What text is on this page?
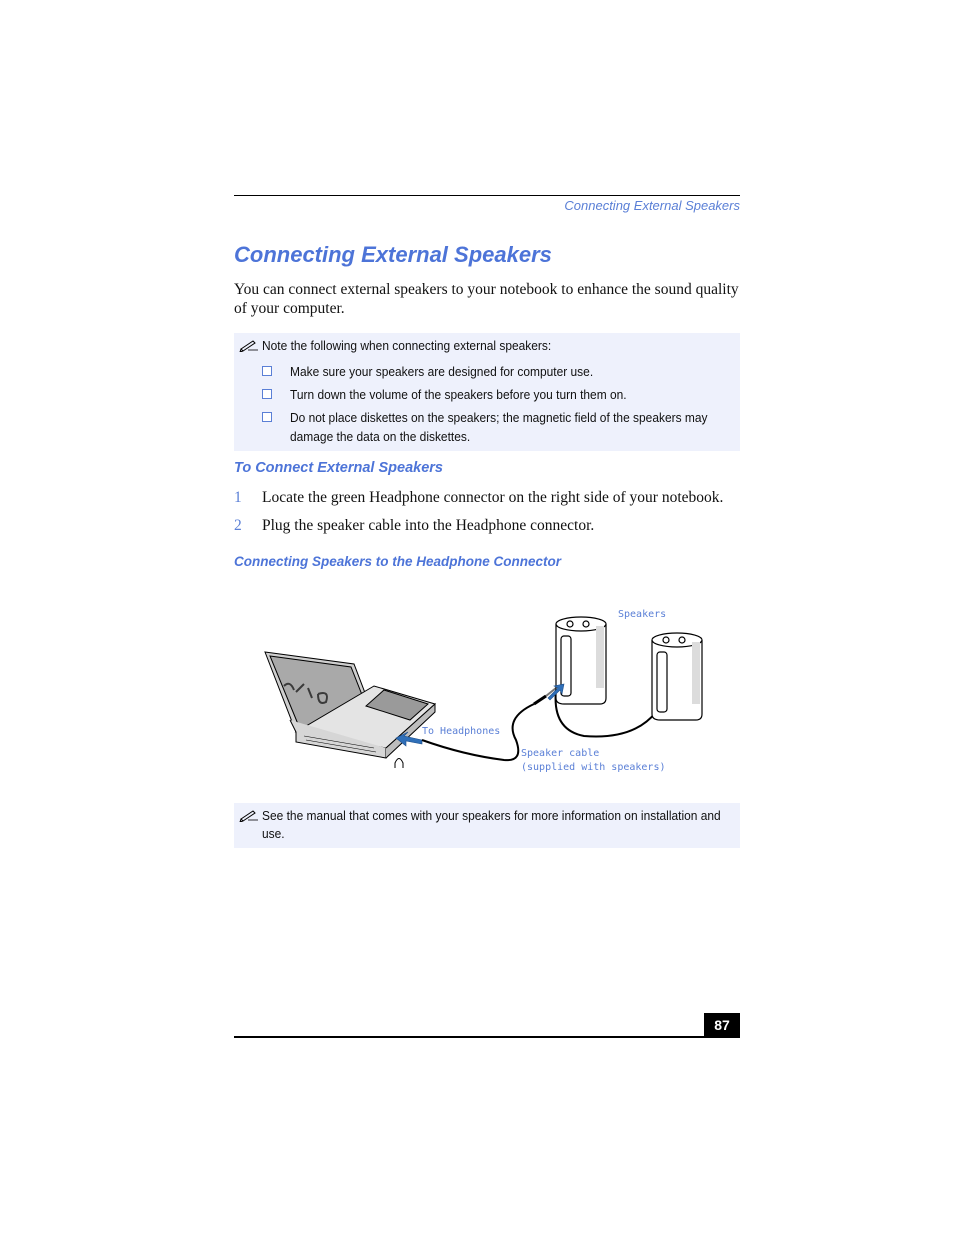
Connecting External Speakers
Connecting External Speakers

You can connect external speakers to your notebook to enhance the sound quality of your computer.

Note the following when connecting external speakers:
Make sure your speakers are designed for computer use.
Turn down the volume of the speakers before you turn them on.
Do not place diskettes on the speakers; the magnetic field of the speakers may damage the data on the diskettes.
To Connect External Speakers
1 Locate the green Headphone connector on the right side of your notebook.
2 Plug the speaker cable into the Headphone connector.
Connecting Speakers to the Headphone Connector
Speakers
To Headphones
Speaker cable
(supplied with speakers)
See the manual that comes with your speakers for more information on installation and use.
87
